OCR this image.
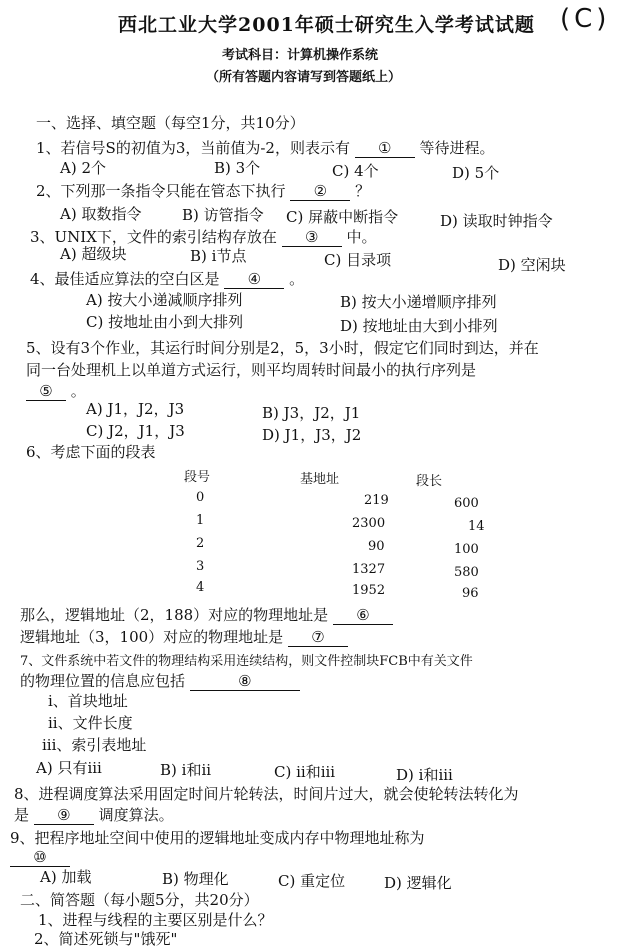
西北工业大学2001年硕士研究生入学考试试题 (C)
考试科目：计算机操作系统
（所有答题内容请写到答题纸上）
一、选择、填空题（每空1分，共10分）
1、若信号S的初值为3，当前值为-2，则表示有 ① 等待进程。
A) 2个	B) 3个	C) 4个	D) 5个
2、下列那一条指令只能在管态下执行 ② ？
A) 取数指令	B) 访管指令 C) 屏蔽中断指令	D) 读取时钟指令
3、UNIX下，文件的索引结构存放在 ③ 中。
A) 超级块	B) i节点	C) 目录项	D) 空闲块
4、最佳适应算法的空白区是 ④ 。
A) 按大小递减顺序排列	B) 按大小递增顺序排列
C) 按地址由小到大排列	D) 按地址由大到小排列
5、设有3个作业，其运行时间分别是2，5，3小时，假定它们同时到达，并在
同一台处理机上以单道方式运行，则平均周转时间最小的执行序列是
⑤ 。
A) J1，J2，J3	B) J3，J2，J1
C) J2，J1，J3	D) J1，J3，J2
6、考虑下面的段表
段号	基地址	段长
0	219	600
1	2300	14
2	90	100
3	1327	580
4	1952	96
那么，逻辑地址（2，188）对应的物理地址是 ⑥
逻辑地址（3，100）对应的物理地址是 ⑦
7、文件系统中若文件的物理结构采用连续结构，则文件控制块FCB中有关文件
的物理位置的信息应包括	⑧
i、首块地址
ii、文件长度
iii、索引表地址
A) 只有iii	B) i和ii	C) ii和iii	D) i和iii
8、进程调度算法采用固定时间片轮转法，时间片过大，就会使轮转法转化为
是 ⑨ 调度算法。
9、把程序地址空间中使用的逻辑地址变成内存中物理地址称为
⑩
A) 加载	B) 物理化	C) 重定位	D) 逻辑化
二、简答题（每小题5分，共20分）
1、进程与线程的主要区别是什么？
2、简述死锁与"饿死"
